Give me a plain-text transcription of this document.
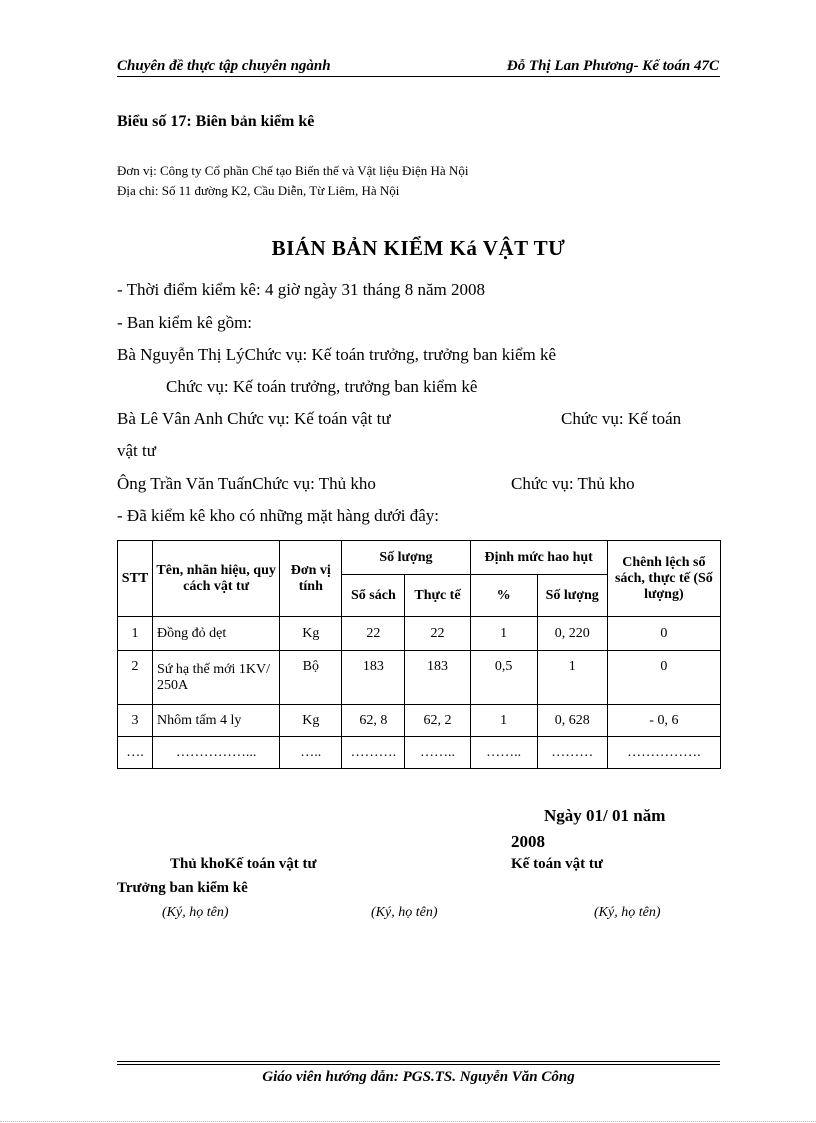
Chuyên đề thực tập chuyên ngành	Đỗ Thị Lan Phương- Kế toán 47C
Biểu số 17: Biên bản kiểm kê
Đơn vị: Công ty Cổ phần Chế tạo Biến thế và Vật liệu Điện Hà Nội
Địa chỉ: Số 11 đường K2, Cầu Diễn, Từ Liêm, Hà Nội
BIÁN BẢN KIỂM Ká VẬT TƯ
- Thời điểm kiểm kê: 4 giờ ngày 31 tháng 8 năm 2008
- Ban kiểm kê gồm:
Bà Nguyễn Thị LýChức vụ: Kế toán trưởng, trưởng ban kiểm kê
Chức vụ: Kế toán trưởng, trưởng ban kiểm kê
Bà Lê Vân Anh Chức vụ: Kế toán vật tư	Chức vụ: Kế toán
vật tư
Ông Trần Văn TuấnChức vụ: Thủ kho	Chức vụ: Thủ kho
- Đã kiểm kê kho có những mặt hàng dưới đây:
STT	Tên, nhãn hiệu, quy cách vật tư	Đơn vị tính	Số lượng		Định mức hao hụt		Chênh lệch sổ sách, thực tế (Số lượng)
			Sổ sách	Thực tế	%	Số lượng	
1	Đồng đỏ dẹt	Kg	22	22	1	0, 220	0
2	Sứ hạ thế mới 1KV/ 250A	Bộ	183	183	0,5	1	0
3	Nhôm tấm 4 ly	Kg	62, 8	62, 2	1	0, 628	- 0, 6
….	……………...	…..	……….	……..	……..	………	…………….
Ngày 01/ 01 năm
2008
Thủ khoKế toán vật tư	Kế toán vật tư
Trưởng ban kiểm kê
(Ký, họ tên)	(Ký, họ tên)	(Ký, họ tên)
Giáo viên hướng dẫn: PGS.TS. Nguyễn Văn Công
